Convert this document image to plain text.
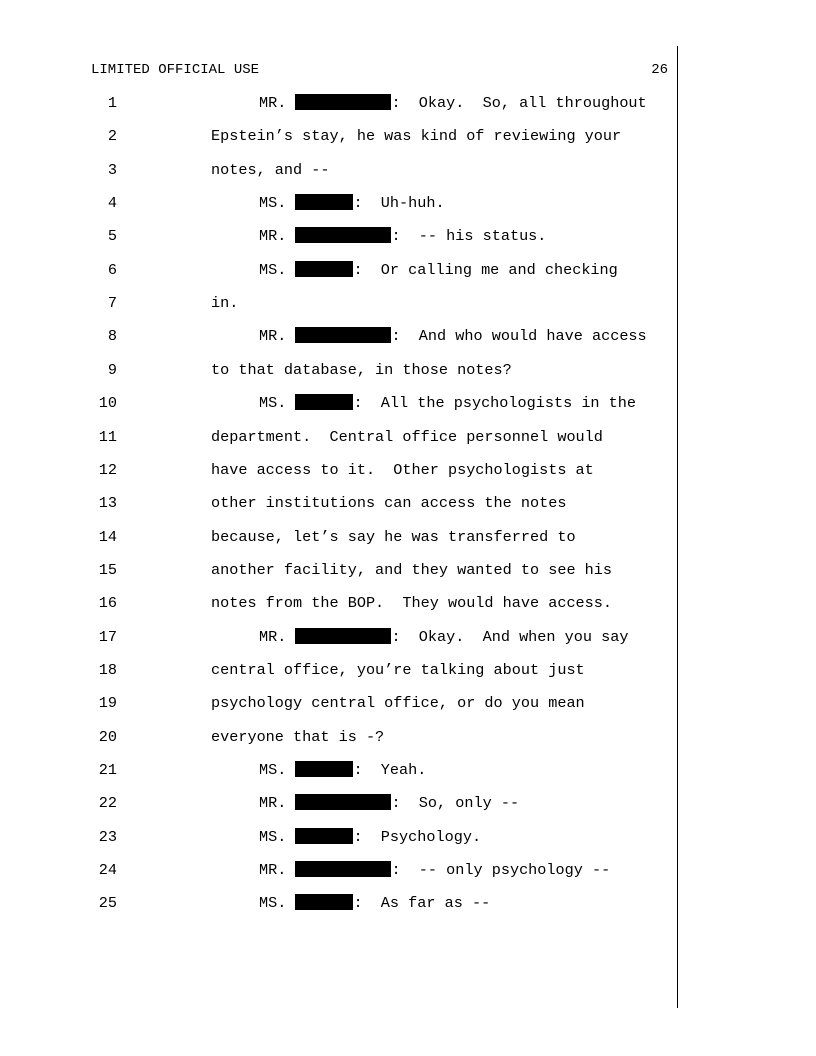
LIMITED OFFICIAL USE	26
1	MR.	:  Okay.  So, all throughout
2	Epstein’s stay, he was kind of reviewing your
3	notes, and --
4	MS.	:  Uh-huh.
5	MR.	:  -- his status.
6	MS.	:  Or calling me and checking
7	in.
8	MR.	:  And who would have access
9	to that database, in those notes?
10	MS.	:  All the psychologists in the
11	department.  Central office personnel would
12	have access to it.  Other psychologists at
13	other institutions can access the notes
14	because, let’s say he was transferred to
15	another facility, and they wanted to see his
16	notes from the BOP.  They would have access.
17	MR.	:  Okay.  And when you say
18	central office, you’re talking about just
19	psychology central office, or do you mean
20	everyone that is -?
21	MS.	:  Yeah.
22	MR.	:  So, only --
23	MS.	:  Psychology.
24	MR.	:  -- only psychology --
25	MS.	:  As far as --
